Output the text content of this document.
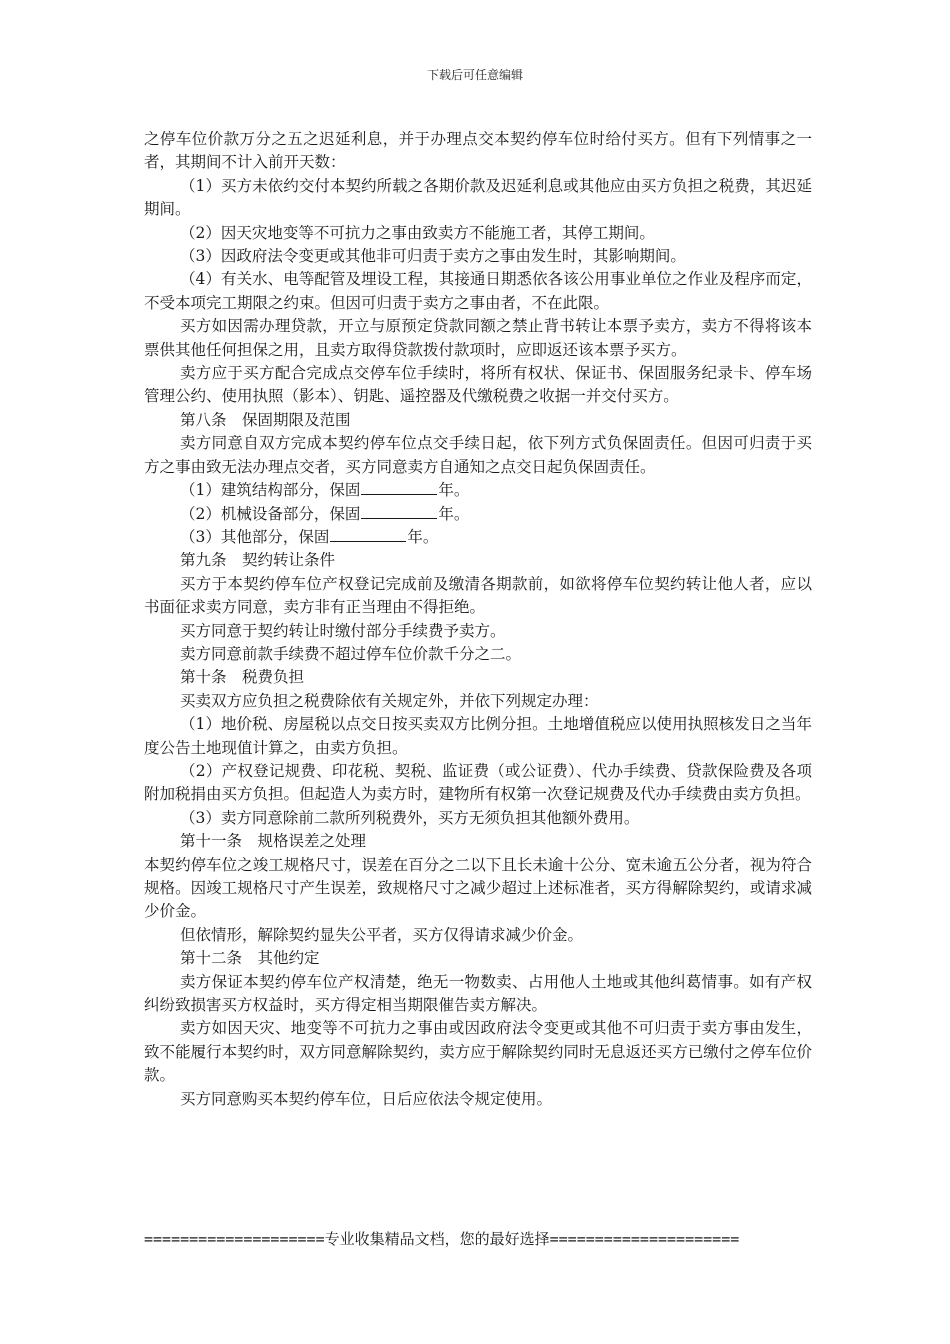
下载后可任意编辑

之停车位价款万分之五之迟延利息，并于办理点交本契约停车位时给付买方。但有下列情事之一者，其期间不计入前开天数：

（1）买方未依约交付本契约所载之各期价款及迟延利息或其他应由买方负担之税费，其迟延期间。

（2）因天灾地变等不可抗力之事由致卖方不能施工者，其停工期间。

（3）因政府法令变更或其他非可归责于卖方之事由发生时，其影响期间。

（4）有关水、电等配管及埋设工程，其接通日期悉依各该公用事业单位之作业及程序而定，不受本项完工期限之约束。但因可归责于卖方之事由者，不在此限。

买方如因需办理贷款，开立与原预定贷款同额之禁止背书转让本票予卖方，卖方不得将该本票供其他任何担保之用，且卖方取得贷款拨付款项时，应即返还该本票予买方。

卖方应于买方配合完成点交停车位手续时，将所有权状、保证书、保固服务纪录卡、停车场管理公约、使用执照（影本）、钥匙、遥控器及代缴税费之收据一并交付买方。

第八条　保固期限及范围

卖方同意自双方完成本契约停车位点交手续日起，依下列方式负保固责任。但因可归责于买方之事由致无法办理点交者，买方同意卖方自通知之点交日起负保固责任。

（1）建筑结构部分，保固	年。

（2）机械设备部分，保固	年。

（3）其他部分，保固	年。

第九条　契约转让条件

买方于本契约停车位产权登记完成前及缴清各期款前，如欲将停车位契约转让他人者，应以书面征求卖方同意，卖方非有正当理由不得拒绝。

买方同意于契约转让时缴付部分手续费予卖方。

卖方同意前款手续费不超过停车位价款千分之二。

第十条　税费负担

买卖双方应负担之税费除依有关规定外，并依下列规定办理：

（1）地价税、房屋税以点交日按买卖双方比例分担。土地增值税应以使用执照核发日之当年度公告土地现值计算之，由卖方负担。

（2）产权登记规费、印花税、契税、监证费（或公证费）、代办手续费、贷款保险费及各项附加税捐由买方负担。但起造人为卖方时，建物所有权第一次登记规费及代办手续费由卖方负担。

（3）卖方同意除前二款所列税费外，买方无须负担其他额外费用。

第十一条　规格误差之处理

本契约停车位之竣工规格尺寸，误差在百分之二以下且长未逾十公分、宽未逾五公分者，视为符合规格。因竣工规格尺寸产生误差，致规格尺寸之减少超过上述标准者，买方得解除契约，或请求减少价金。

但依情形，解除契约显失公平者，买方仅得请求减少价金。

第十二条　其他约定

卖方保证本契约停车位产权清楚，绝无一物数卖、占用他人土地或其他纠葛情事。如有产权纠纷致损害买方权益时，买方得定相当期限催告卖方解决。

卖方如因天灾、地变等不可抗力之事由或因政府法令变更或其他不可归责于卖方事由发生，致不能履行本契约时，双方同意解除契约，卖方应于解除契约同时无息返还买方已缴付之停车位价款。

买方同意购买本契约停车位，日后应依法令规定使用。

====================专业收集精品文档，您的最好选择=====================
